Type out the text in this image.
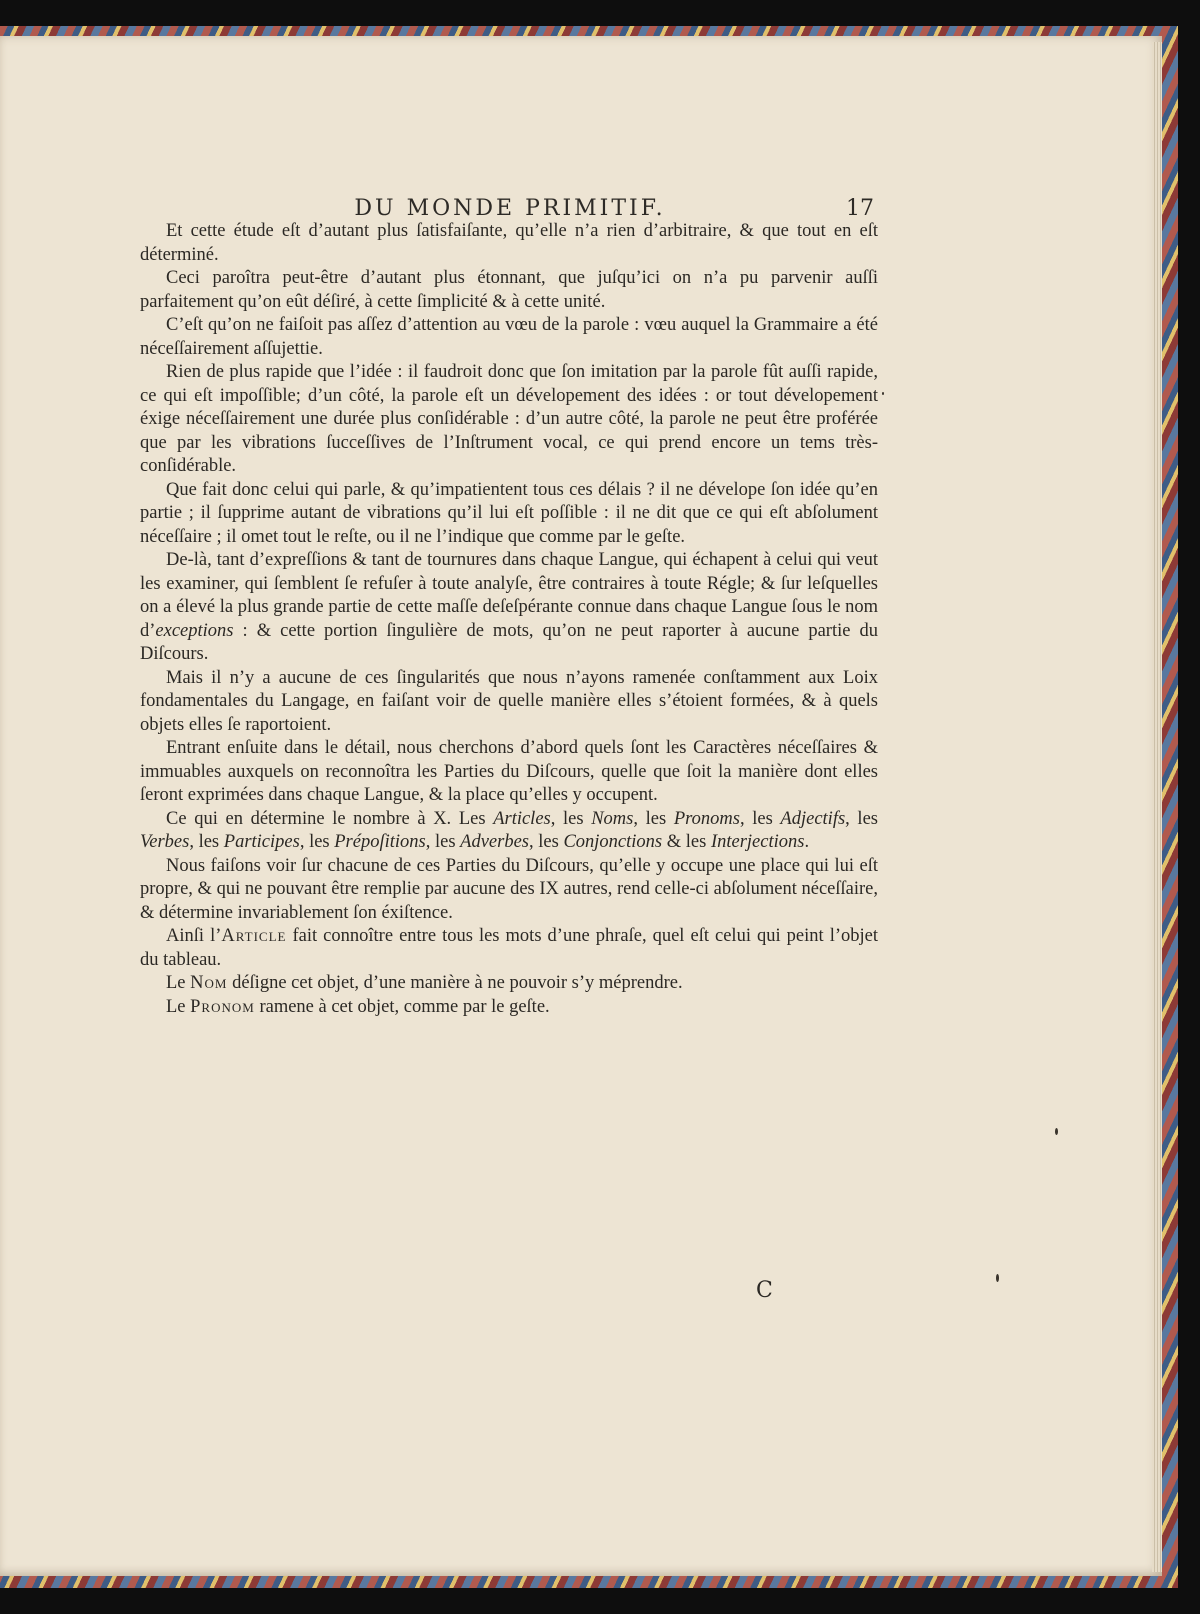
DU MONDE PRIMITIF.	17

Et cette étude eſt d’autant plus ſatisfaiſante, qu’elle n’a rien d’arbitraire, & que tout en eſt déterminé.

Ceci paroîtra peut-être d’autant plus étonnant, que juſqu’ici on n’a pu parvenir auſſi parfaitement qu’on eût déſiré, à cette ſimplicité & à cette unité.

C’eſt qu’on ne faiſoit pas aſſez d’attention au vœu de la parole : vœu auquel la Grammaire a été néceſſairement aſſujettie.

Rien de plus rapide que l’idée : il faudroit donc que ſon imitation par la parole fût auſſi rapide, ce qui eſt impoſſible; d’un côté, la parole eſt un dévelopement des idées : or tout dévelopement éxige néceſſairement une durée plus conſidérable : d’un autre côté, la parole ne peut être proférée que par les vibrations ſucceſſives de l’Inſtrument vocal, ce qui prend encore un tems très-conſidérable.

Que fait donc celui qui parle, & qu’impatientent tous ces délais ? il ne dévelope ſon idée qu’en partie ; il ſupprime autant de vibrations qu’il lui eſt poſſible : il ne dit que ce qui eſt abſolument néceſſaire ; il omet tout le reſte, ou il ne l’indique que comme par le geſte.

De-là, tant d’expreſſions & tant de tournures dans chaque Langue, qui échapent à celui qui veut les examiner, qui ſemblent ſe refuſer à toute analyſe, être contraires à toute Régle; & ſur leſquelles on a élevé la plus grande partie de cette maſſe deſeſpérante connue dans chaque Langue ſous le nom d’exceptions : & cette portion ſingulière de mots, qu’on ne peut raporter à aucune partie du Diſcours.

Mais il n’y a aucune de ces ſingularités que nous n’ayons ramenée conſtamment aux Loix fondamentales du Langage, en faiſant voir de quelle manière elles s’étoient formées, & à quels objets elles ſe raportoient.

Entrant enſuite dans le détail, nous cherchons d’abord quels ſont les Caractères néceſſaires & immuables auxquels on reconnoîtra les Parties du Diſcours, quelle que ſoit la manière dont elles ſeront exprimées dans chaque Langue, & la place qu’elles y occupent.

Ce qui en détermine le nombre à X. Les Articles, les Noms, les Pronoms, les Adjectifs, les Verbes, les Participes, les Prépoſitions, les Adverbes, les Conjonctions & les Interjections.

Nous faiſons voir ſur chacune de ces Parties du Diſcours, qu’elle y occupe une place qui lui eſt propre, & qui ne pouvant être remplie par aucune des IX autres, rend celle-ci abſolument néceſſaire, & détermine invariablement ſon éxiſtence.

Ainſi l’Article fait connoître entre tous les mots d’une phraſe, quel eſt celui qui peint l’objet du tableau.

Le Nom déſigne cet objet, d’une manière à ne pouvoir s’y méprendre.

Le Pronom ramene à cet objet, comme par le geſte.

C
